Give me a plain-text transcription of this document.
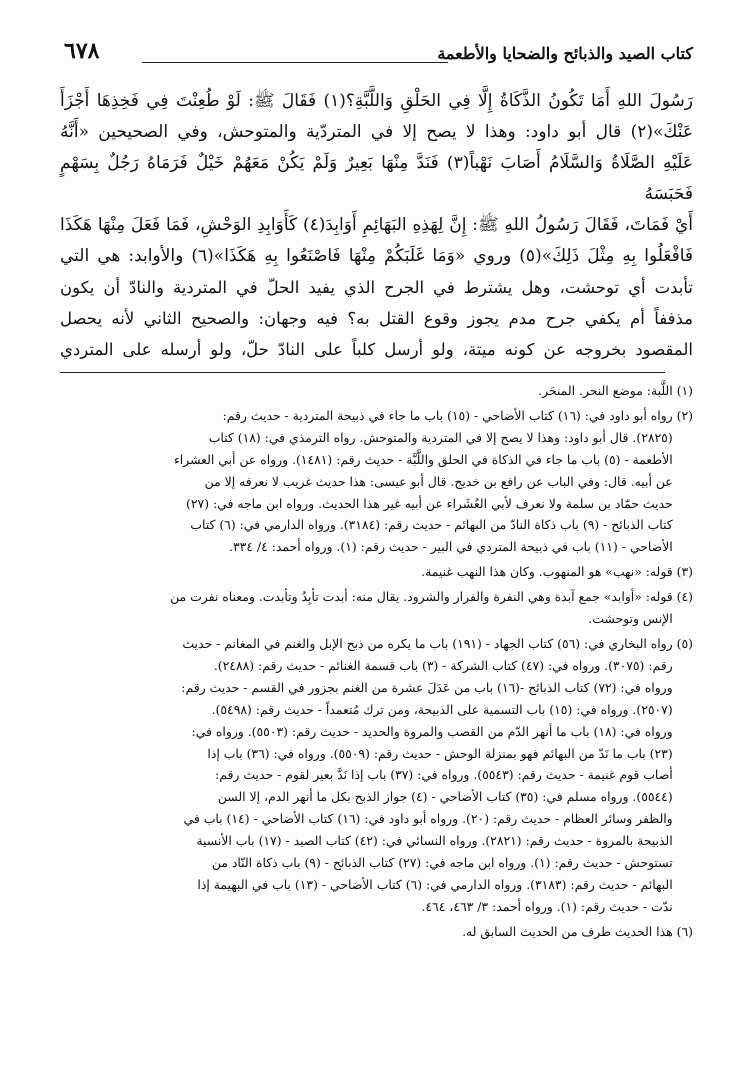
كتاب الصيد والذبائح والضحايا والأطعمة
٦٧٨

رَسُولَ اللهِ أَمَا تَكُونُ الذَّكَاةُ إِلَّا فِي الحَلْقِ وَاللَّبَّةِ؟(١) فَقَالَ ﷺ: لَوْ طُعِنْتَ فِي فَخِذِهَا أَجْزَأَ

عَنْكَ»(٢) قال أبو داود: وهذا لا يصح إلا في المتردّية والمتوحش، وفي الصحيحين «أَنَّهُ

عَلَيْهِ الصَّلَاةُ وَالسَّلَامُ أَصَابَ نَهْباً(٣) فَنَدَّ مِنْهَا بَعِيرٌ وَلَمْ يَكُنْ مَعَهُمْ خَيْلٌ فَرَمَاهُ رَجُلٌ بِسَهْمٍ فَحَبَسَهُ

أَيْ فَمَاتَ، فَقَالَ رَسُولُ اللهِ ﷺ: إِنَّ لِهَذِهِ البَهَائِمِ أَوَابِدَ(٤) كَأَوَابِدِ الوَحْشِ، فَمَا فَعَلَ مِنْهَا هَكَذَا

فَافْعَلُوا بِهِ مِثْلَ ذَلِكَ»(٥) وروي «وَمَا غَلَبَكُمْ مِنْهَا فَاصْنَعُوا بِهِ هَكَذَا»(٦) والأوابد: هي التي

تأبدت أي توحشت، وهل يشترط في الجرح الذي يفيد الحلّ في المتردية والنادّ أن يكون

مذففاً أم يكفي جرح مدم يجوز وقوع القتل به؟ فيه وجهان: والصحيح الثاني لأنه يحصل

المقصود بخروجه عن كونه ميتة، ولو أرسل كلباً على النادّ حلّ، ولو أرسله على المتردي

(١)
اللَّبة: موضع النحر. المنحَر.
(٢)
رواه أبو داود في: (١٦) كتاب الأضاحي - (١٥) باب ما جاء في ذبيحة المتردية - حديث رقم:
(٢٨٢٥). قال أبو داود: وهذا لا يصح إلا في المتردية والمتوحش. رواه الترمذي في: (١٨) كتاب
الأطعمة - (٥) باب ما جاء في الذكاة في الحلق واللَّبَّة - حديث رقم: (١٤٨١). ورواه عن أبي العشراء
عن أبيه. قال: وفي الباب عن رافع بن خديج. قال أبو عيسى: هذا حديث غريب لا نعرفه إلا من
حديث حمّاد بن سلمة ولا نعرف لأبي العُشَراء عن أبيه غير هذا الحديث. ورواه ابن ماجه في: (٢٧)
كتاب الذبائح - (٩) باب ذكاة النادّ من البهائم - حديث رقم: (٣١٨٤). ورواه الدارمي في: (٦) كتاب
الأضاحي - (١١) باب في ذبيحة المتردي في البير - حديث رقم: (١). ورواه أحمد: ٤/ ٣٣٤.
(٣)
قوله: «نهب» هو المنهوب. وكان هذا النهب غنيمة.
(٤)
قوله: «أوابد» جمع آبدة وهي النفرة والفرار والشرود. يقال منه: أبدت تأبِدُ وتأبدت. ومعناه نفرت من
الإنس وتوحشت.
(٥)
رواه البخاري في: (٥٦) كتاب الجهاد - (١٩١) باب ما يكره من ذبح الإبل والغنم في المغانم - حديث
رقم: (٣٠٧٥). ورواه في: (٤٧) كتاب الشركة - (٣) باب قسمة الغنائم - حديث رقم: (٢٤٨٨).
ورواه في: (٧٢) كتاب الذبائح -(١٦) باب من عَدَلَ عشرة من الغنم بجزور في القسم - حديث رقم:
(٢٥٠٧). ورواه في: (١٥) باب التسمية على الذبيحة، ومن ترك مُتعمداً - حديث رقم: (٥٤٩٨).
ورواه في: (١٨) باب ما أنهر الدّم من القصب والمروة والحديد - حديث رقم: (٥٥٠٣). ورواه في:
(٢٣) باب ما نَدّ من البهائم فهو بمنزلة الوحش - حديث رقم: (٥٥٠٩). ورواه في: (٣٦) باب إذا
أصاب قوم غنيمة - حديث رقم: (٥٥٤٣). ورواه في: (٣٧) باب إذا نَدَّ بعير لقوم - حديث رقم:
(٥٥٤٤). ورواه مسلم في: (٣٥) كتاب الأضاحي - (٤) جواز الذبح بكل ما أنهر الدم، إلا السن
والظفر وسائر العظام - حديث رقم: (٢٠). ورواه أبو داود في: (١٦) كتاب الأضاحي - (١٤) باب في
الذبيحة بالمروة - حديث رقم: (٢٨٢١). ورواه النسائي في: (٤٢) كتاب الصيد - (١٧) باب الأنسية
تستوحش - حديث رقم: (١). ورواه ابن ماجه في: (٢٧) كتاب الذبائح - (٩) باب ذكاة النّاد من
البهائم - حديث رقم: (٣١٨٣). ورواه الدارمي في: (٦) كتاب الأضاحي - (١٣) باب في البهيمة إذا
ندّت - حديث رقم: (١). ورواه أحمد: ٣/ ٤٦٣، ٤٦٤.
(٦)
هذا الحديث طرف من الحديث السابق له.
